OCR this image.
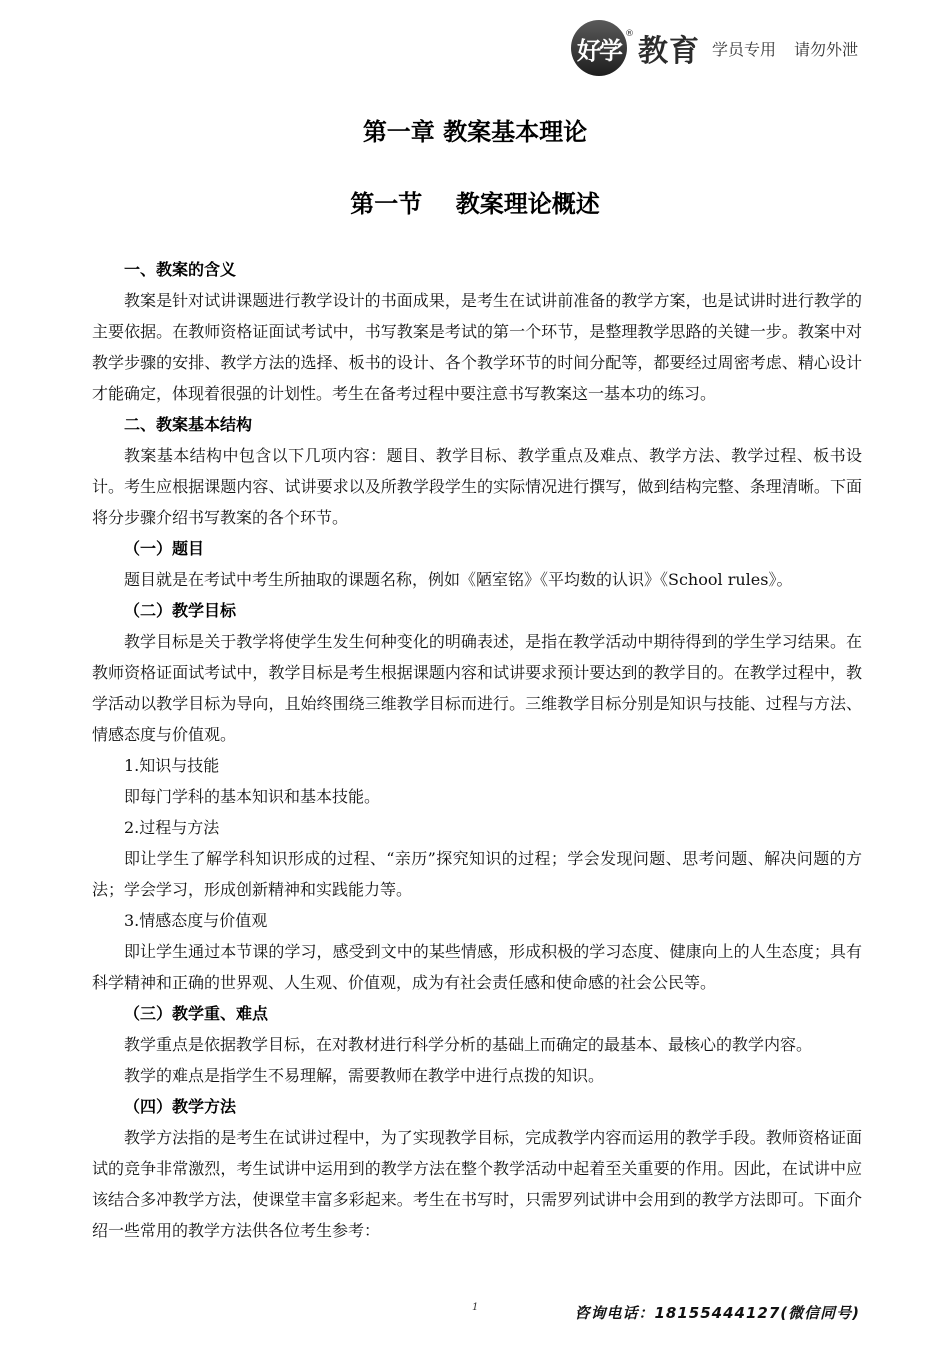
好学
® 教育 学员专用 请勿外泄
第一章 教案基本理论
第一节    教案理论概述

一、教案的含义

教案是针对试讲课题进行教学设计的书面成果，是考生在试讲前准备的教学方案，也是试讲时进行教学的主要依据。在教师资格证面试考试中，书写教案是考试的第一个环节，是整理教学思路的关键一步。教案中对教学步骤的安排、教学方法的选择、板书的设计、各个教学环节的时间分配等，都要经过周密考虑、精心设计才能确定，体现着很强的计划性。考生在备考过程中要注意书写教案这一基本功的练习。

二、教案基本结构

教案基本结构中包含以下几项内容：题目、教学目标、教学重点及难点、教学方法、教学过程、板书设计。考生应根据课题内容、试讲要求以及所教学段学生的实际情况进行撰写，做到结构完整、条理清晰。下面将分步骤介绍书写教案的各个环节。

（一）题目

题目就是在考试中考生所抽取的课题名称，例如《陋室铭》《平均数的认识》《School rules》。

（二）教学目标

教学目标是关于教学将使学生发生何种变化的明确表述，是指在教学活动中期待得到的学生学习结果。在教师资格证面试考试中，教学目标是考生根据课题内容和试讲要求预计要达到的教学目的。在教学过程中，教学活动以教学目标为导向，且始终围绕三维教学目标而进行。三维教学目标分别是知识与技能、过程与方法、情感态度与价值观。

1.知识与技能

即每门学科的基本知识和基本技能。

2.过程与方法

即让学生了解学科知识形成的过程、“亲历”探究知识的过程；学会发现问题、思考问题、解决问题的方法；学会学习，形成创新精神和实践能力等。

3.情感态度与价值观

即让学生通过本节课的学习，感受到文中的某些情感，形成积极的学习态度、健康向上的人生态度；具有科学精神和正确的世界观、人生观、价值观，成为有社会责任感和使命感的社会公民等。

（三）教学重、难点

教学重点是依据教学目标，在对教材进行科学分析的基础上而确定的最基本、最核心的教学内容。

教学的难点是指学生不易理解，需要教师在教学中进行点拨的知识。

（四）教学方法

教学方法指的是考生在试讲过程中，为了实现教学目标，完成教学内容而运用的教学手段。教师资格证面试的竞争非常激烈，考生试讲中运用到的教学方法在整个教学活动中起着至关重要的作用。因此，在试讲中应该结合多冲教学方法，使课堂丰富多彩起来。考生在书写时，只需罗列试讲中会用到的教学方法即可。下面介绍一些常用的教学方法供各位考生参考：

1	咨询电话：18155444127(微信同号)
